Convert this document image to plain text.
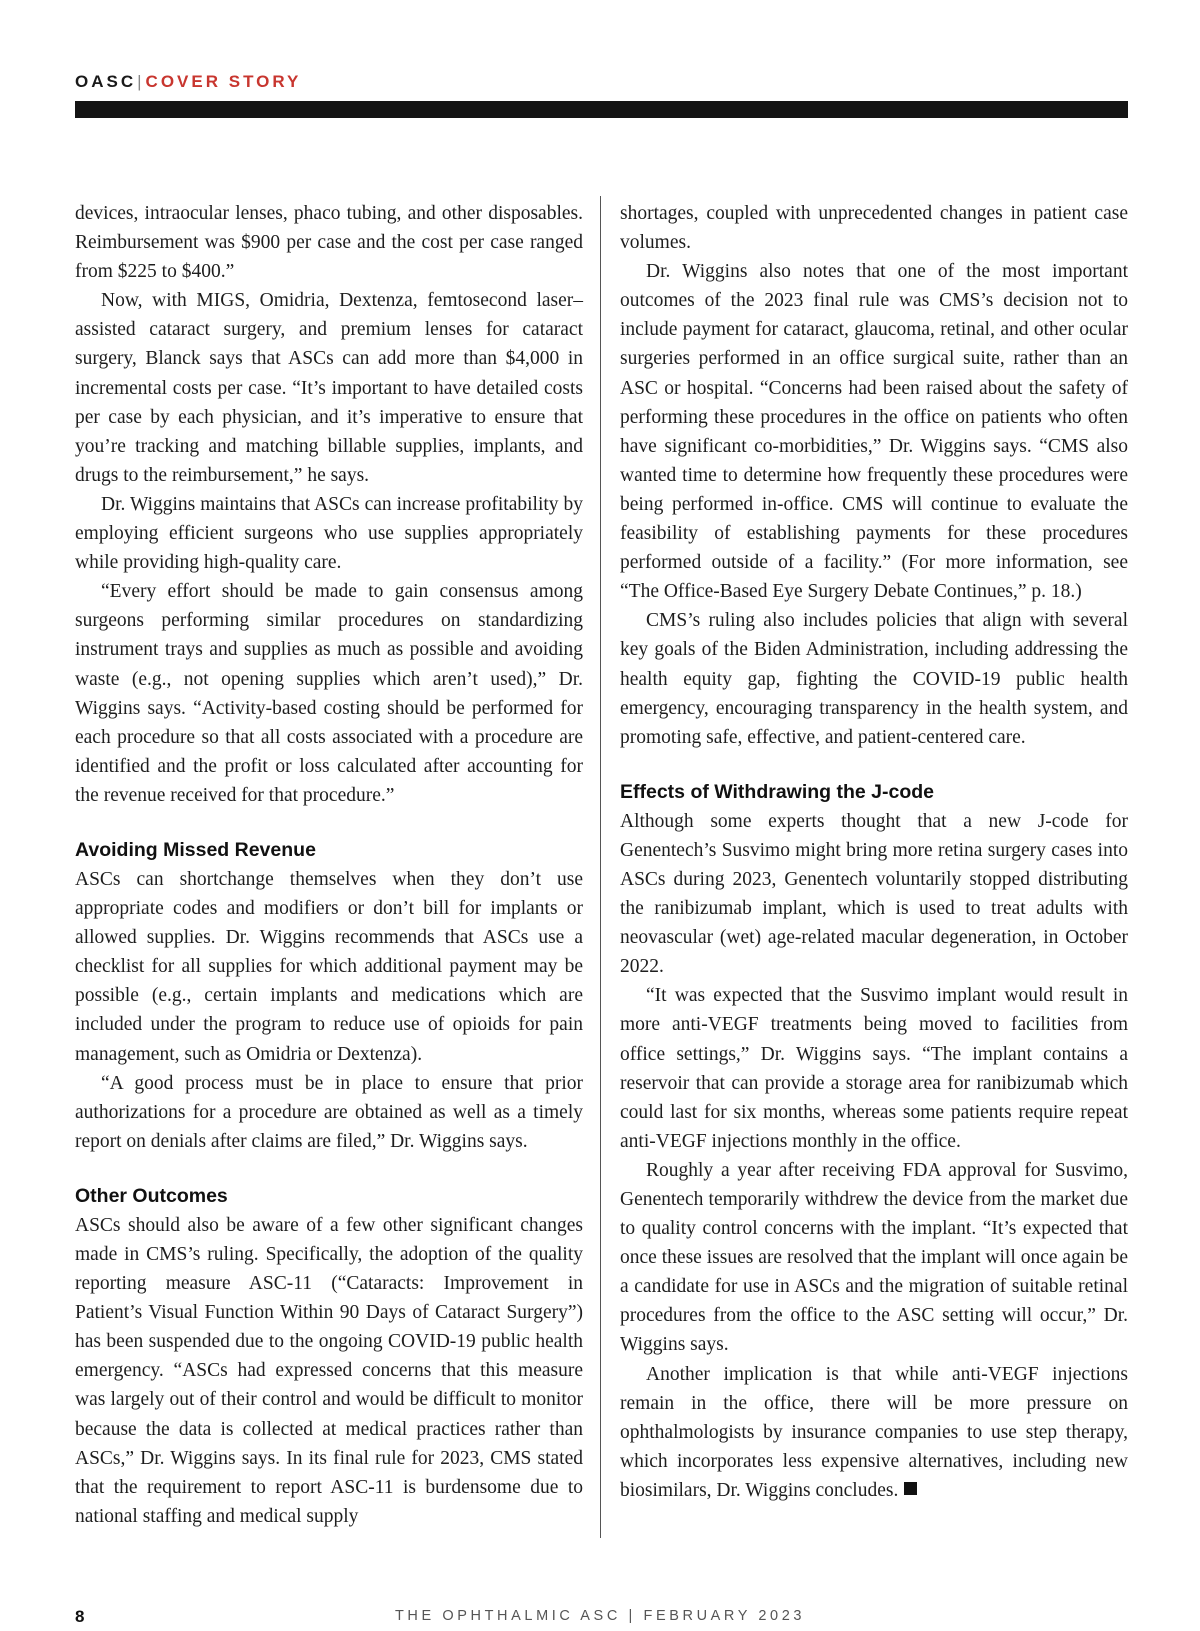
OASC| COVER STORY

devices, intraocular lenses, phaco tubing, and other disposables. Reimbursement was $900 per case and the cost per case ranged from $225 to $400.”

Now, with MIGS, Omidria, Dextenza, femtosecond laser–assisted cataract surgery, and premium lenses for cataract surgery, Blanck says that ASCs can add more than $4,000 in incremental costs per case. “It’s important to have detailed costs per case by each physician, and it’s imperative to ensure that you’re tracking and matching billable supplies, implants, and drugs to the reimbursement,” he says.

Dr. Wiggins maintains that ASCs can increase profitability by employing efficient surgeons who use supplies appropriately while providing high-quality care.

“Every effort should be made to gain consensus among surgeons performing similar procedures on standardizing instrument trays and supplies as much as possible and avoiding waste (e.g., not opening supplies which aren’t used),” Dr. Wiggins says. “Activity-based costing should be performed for each procedure so that all costs associated with a procedure are identified and the profit or loss calculated after accounting for the revenue received for that procedure.”

Avoiding Missed Revenue

ASCs can shortchange themselves when they don’t use appropriate codes and modifiers or don’t bill for implants or allowed supplies. Dr. Wiggins recommends that ASCs use a checklist for all supplies for which additional payment may be possible (e.g., certain implants and medications which are included under the program to reduce use of opioids for pain management, such as Omidria or Dextenza).

“A good process must be in place to ensure that prior authorizations for a procedure are obtained as well as a timely report on denials after claims are filed,” Dr. Wiggins says.

Other Outcomes

ASCs should also be aware of a few other significant changes made in CMS’s ruling. Specifically, the adoption of the quality reporting measure ASC-11 (“Cataracts: Improvement in Patient’s Visual Function Within 90 Days of Cataract Surgery”) has been suspended due to the ongoing COVID-19 public health emergency. “ASCs had expressed concerns that this measure was largely out of their control and would be difficult to monitor because the data is collected at medical practices rather than ASCs,” Dr. Wiggins says. In its final rule for 2023, CMS stated that the requirement to report ASC-11 is burdensome due to national staffing and medical supply

shortages, coupled with unprecedented changes in patient case volumes.

Dr. Wiggins also notes that one of the most important outcomes of the 2023 final rule was CMS’s decision not to include payment for cataract, glaucoma, retinal, and other ocular surgeries performed in an office surgical suite, rather than an ASC or hospital. “Concerns had been raised about the safety of performing these procedures in the office on patients who often have significant co-morbidities,” Dr. Wiggins says. “CMS also wanted time to determine how frequently these procedures were being performed in-office. CMS will continue to evaluate the feasibility of establishing payments for these procedures performed outside of a facility.” (For more information, see “The Office-Based Eye Surgery Debate Continues,” p. 18.)

CMS’s ruling also includes policies that align with several key goals of the Biden Administration, including addressing the health equity gap, fighting the COVID-19 public health emergency, encouraging transparency in the health system, and promoting safe, effective, and patient-centered care.

Effects of Withdrawing the J-code

Although some experts thought that a new J-code for Genentech’s Susvimo might bring more retina surgery cases into ASCs during 2023, Genentech voluntarily stopped distributing the ranibizumab implant, which is used to treat adults with neovascular (wet) age-related macular degeneration, in October 2022.

“It was expected that the Susvimo implant would result in more anti-VEGF treatments being moved to facilities from office settings,” Dr. Wiggins says. “The implant contains a reservoir that can provide a storage area for ranibizumab which could last for six months, whereas some patients require repeat anti-VEGF injections monthly in the office.

Roughly a year after receiving FDA approval for Susvimo, Genentech temporarily withdrew the device from the market due to quality control concerns with the implant. “It’s expected that once these issues are resolved that the implant will once again be a candidate for use in ASCs and the migration of suitable retinal procedures from the office to the ASC setting will occur,” Dr. Wiggins says.

Another implication is that while anti-VEGF injections remain in the office, there will be more pressure on ophthalmologists by insurance companies to use step therapy, which incorporates less expensive alternatives, including new biosimilars, Dr. Wiggins concludes.

8	THE OPHTHALMIC ASC | FEBRUARY 2023
